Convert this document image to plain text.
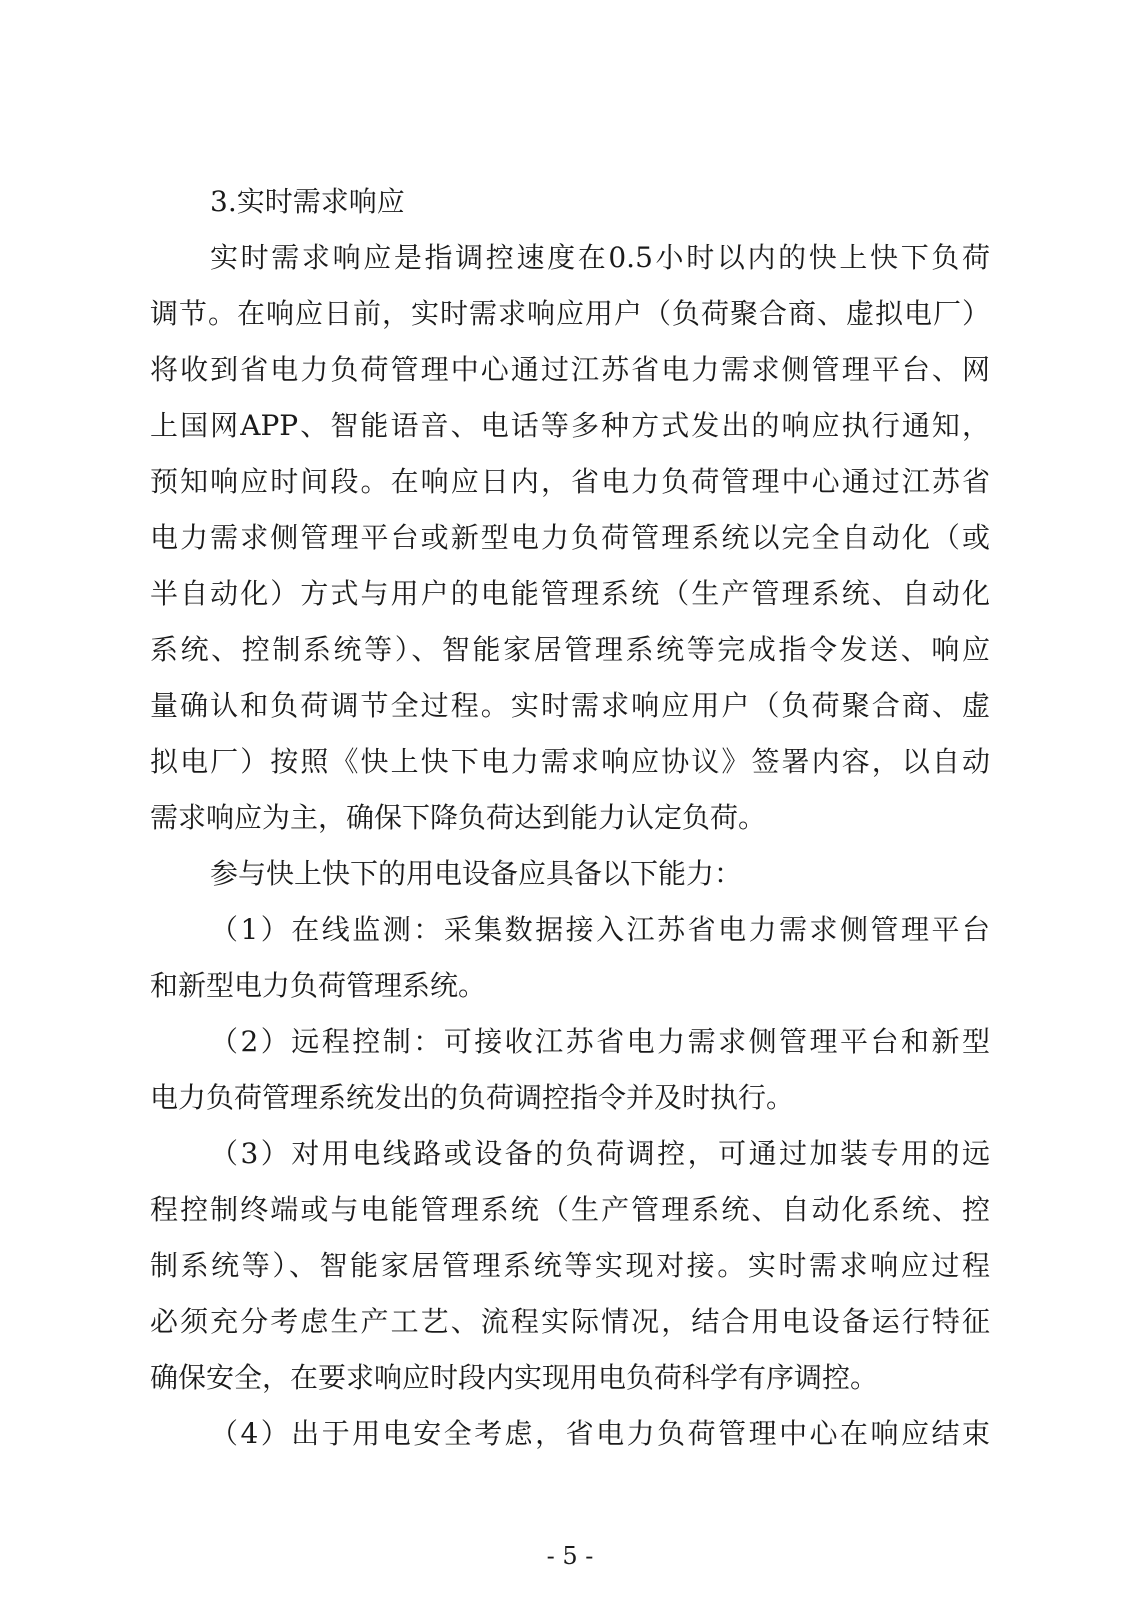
3.实时需求响应
实时需求响应是指调控速度在0.5小时以内的快上快下负荷
调节。在响应日前，实时需求响应用户（负荷聚合商、虚拟电厂）
将收到省电力负荷管理中心通过江苏省电力需求侧管理平台、网
上国网APP、智能语音、电话等多种方式发出的响应执行通知，
预知响应时间段。在响应日内，省电力负荷管理中心通过江苏省
电力需求侧管理平台或新型电力负荷管理系统以完全自动化（或
半自动化）方式与用户的电能管理系统（生产管理系统、自动化
系统、控制系统等）、智能家居管理系统等完成指令发送、响应
量确认和负荷调节全过程。实时需求响应用户（负荷聚合商、虚
拟电厂）按照《快上快下电力需求响应协议》签署内容，以自动
需求响应为主，确保下降负荷达到能力认定负荷。
参与快上快下的用电设备应具备以下能力：
（1）在线监测：采集数据接入江苏省电力需求侧管理平台
和新型电力负荷管理系统。
（2）远程控制：可接收江苏省电力需求侧管理平台和新型
电力负荷管理系统发出的负荷调控指令并及时执行。
（3）对用电线路或设备的负荷调控，可通过加装专用的远
程控制终端或与电能管理系统（生产管理系统、自动化系统、控
制系统等）、智能家居管理系统等实现对接。实时需求响应过程
必须充分考虑生产工艺、流程实际情况，结合用电设备运行特征
确保安全，在要求响应时段内实现用电负荷科学有序调控。
（4）出于用电安全考虑，省电力负荷管理中心在响应结束
- 5 -
